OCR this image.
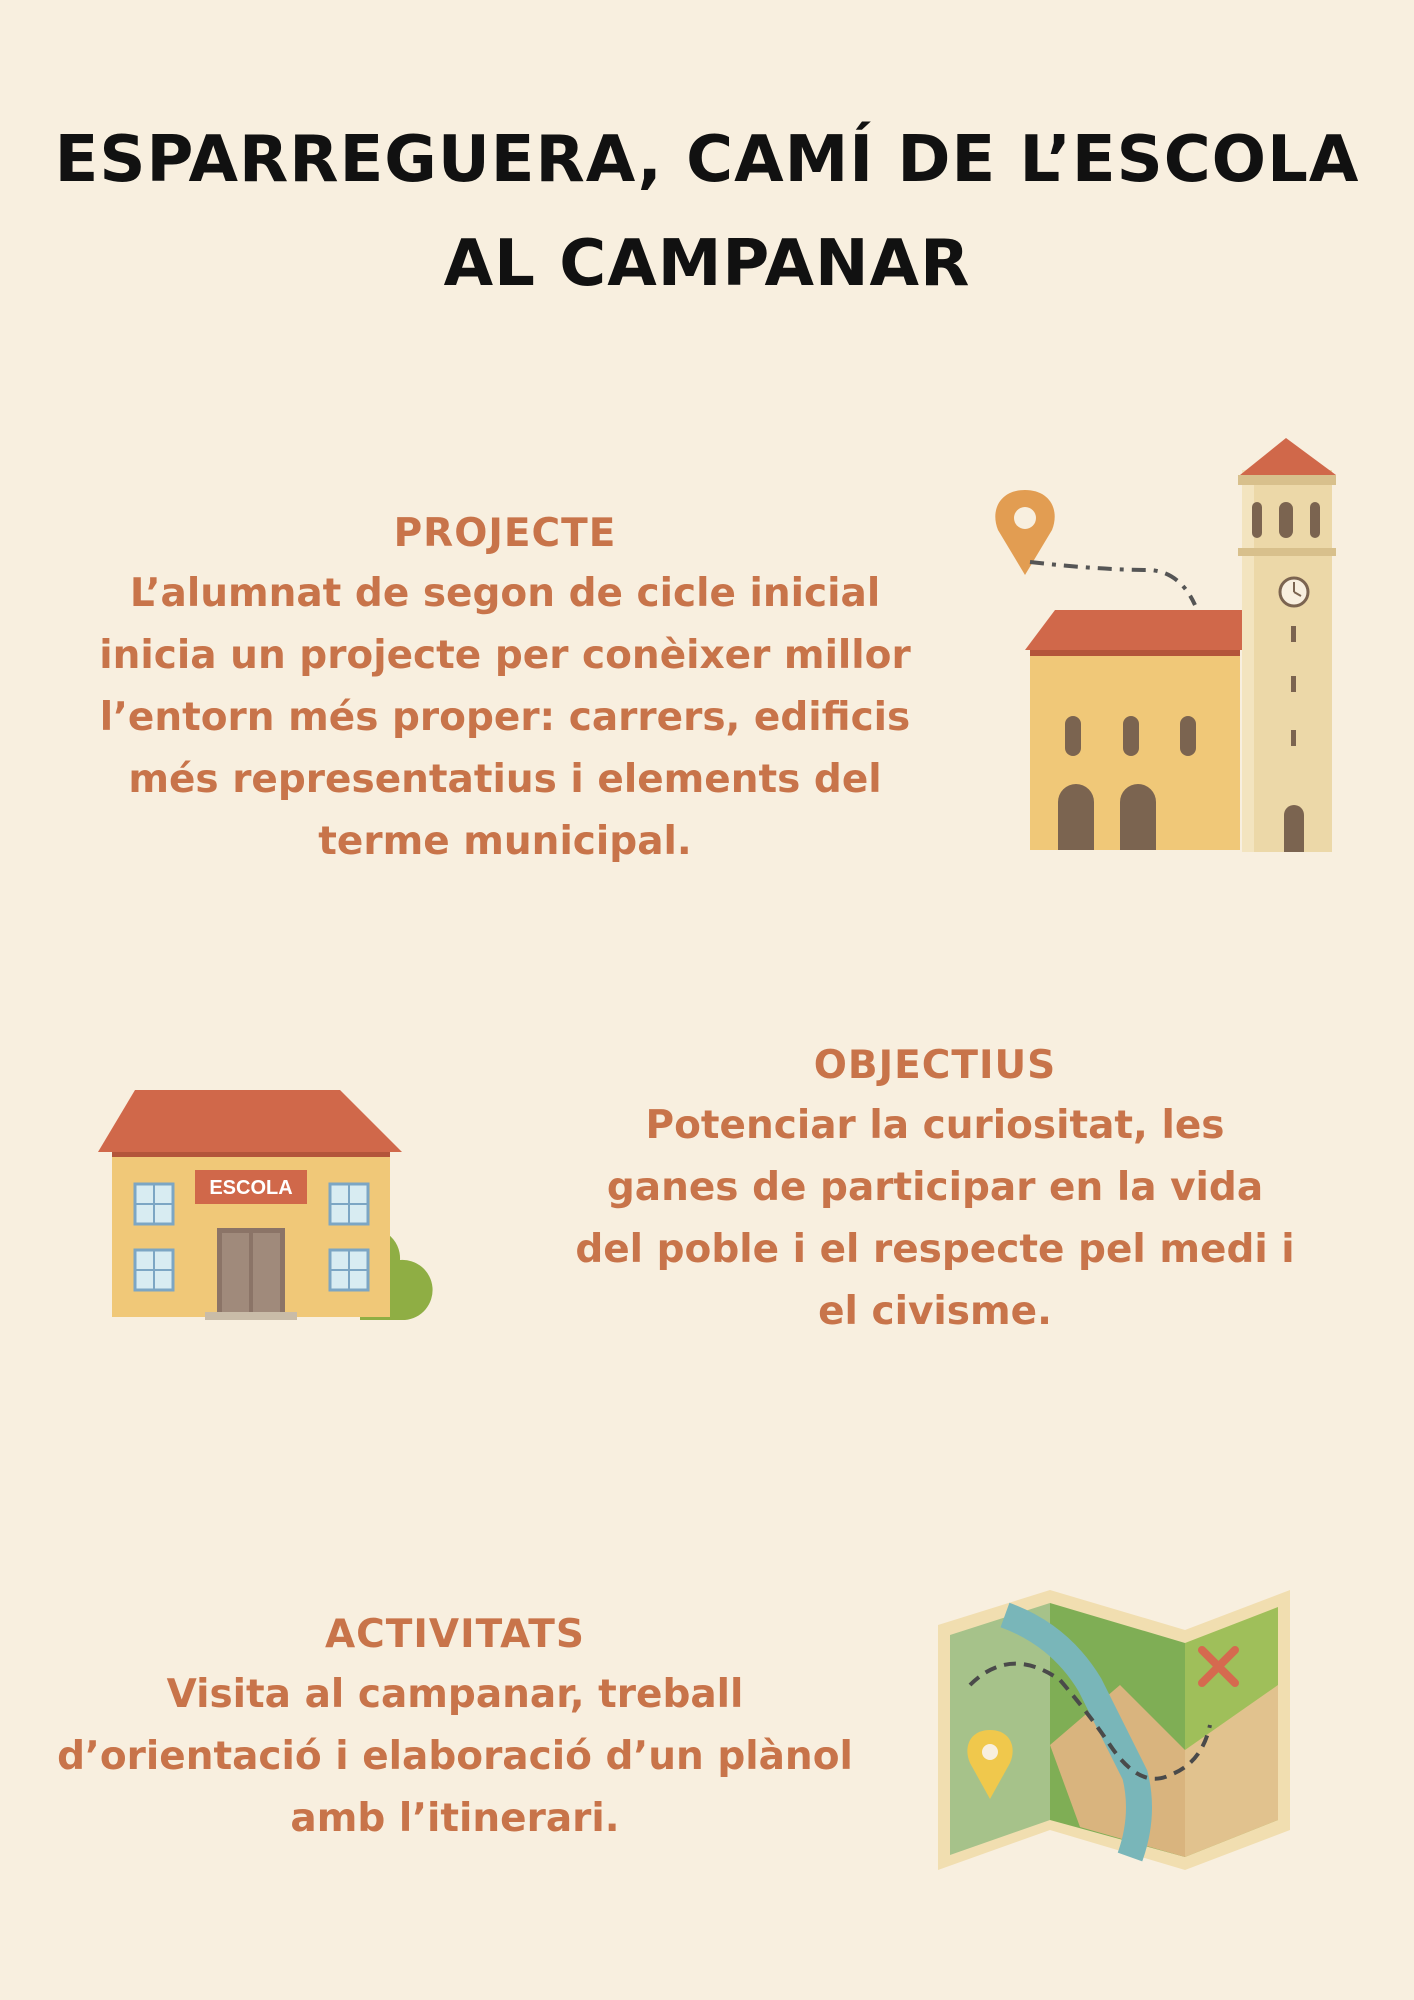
ESPARREGUERA, CAMÍ DE L’ESCOLA
AL CAMPANAR
PROJECTE

L’alumnat de segon de cicle inicial

inicia un projecte per conèixer millor

l’entorn més proper: carrers, edificis

més representatius i elements del

terme municipal.

ESCOLA
OBJECTIUS

Potenciar la curiositat, les

ganes de participar en la vida

del poble i el respecte pel medi i

el civisme.

ACTIVITATS

Visita al campanar, treball

d’orientació i elaboració d’un plànol

amb l’itinerari.
